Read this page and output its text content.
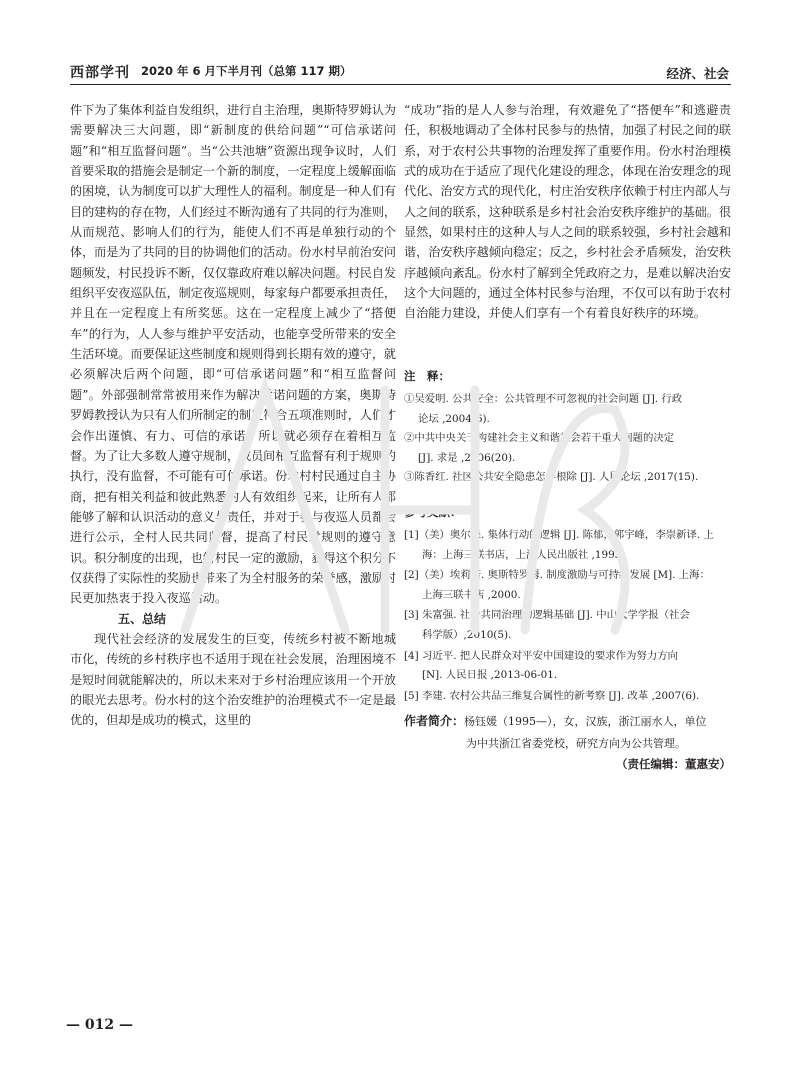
西部学刊 2020 年 6 月下半月刊（总第 117 期）	经济、社会

件下为了集体利益自发组织，进行自主治理，奥斯特罗姆认为需要解决三大问题，即“新制度的供给问题”“可信承诺问题”和“相互监督问题”。当“公共池塘”资源出现争议时，人们首要采取的措施会是制定一个新的制度，一定程度上缓解面临的困境，认为制度可以扩大理性人的福利。制度是一种人们有目的建构的存在物，人们经过不断沟通有了共同的行为准则，从而规范、影响人们的行为，能使人们不再是单独行动的个体，而是为了共同的目的协调他们的活动。份水村早前治安问题频发，村民投诉不断，仅仅靠政府难以解决问题。村民自发组织平安夜巡队伍，制定夜巡规则，每家每户都要承担责任，并且在一定程度上有所奖惩。这在一定程度上减少了“搭便车”的行为，人人参与维护平安活动，也能享受所带来的安全生活环境。而要保证这些制度和规则得到长期有效的遵守，就必须解决后两个问题，即“可信承诺问题”和“相互监督问题”。外部强制常常被用来作为解决承诺问题的方案，奥斯特罗姆教授认为只有人们所制定的制度符合五项准则时，人们才会作出谨慎、有力、可信的承诺，所以就必须存在着相互监督。为了让大多数人遵守规制，成员间相互监督有利于规则的执行，没有监督，不可能有可信承诺。份水村村民通过自主协商，把有相关利益和彼此熟悉的人有效组织起来，让所有人都能够了解和认识活动的意义与责任，并对于参与夜巡人员都会进行公示，全村人民共同监督，提高了村民对规则的遵守意识。积分制度的出现，也给村民一定的激励，获得这个积分不仅获得了实际性的奖励也带来了为全村服务的荣誉感，激励村民更加热衷于投入夜巡活动。

五、总结

现代社会经济的发展发生的巨变，传统乡村被不断地城市化，传统的乡村秩序也不适用于现在社会发展，治理困境不是短时间就能解决的，所以未来对于乡村治理应该用一个开放的眼光去思考。份水村的这个治安维护的治理模式不一定是最优的，但却是成功的模式，这里的

“成功”指的是人人参与治理，有效避免了“搭便车”和逃避责任，积极地调动了全体村民参与的热情，加强了村民之间的联系，对于农村公共事物的治理发挥了重要作用。份水村治理模式的成功在于适应了现代化建设的理念，体现在治安理念的现代化、治安方式的现代化，村庄治安秩序依赖于村庄内部人与人之间的联系，这种联系是乡村社会治安秩序维护的基础。很显然，如果村庄的这种人与人之间的联系较强，乡村社会越和谐，治安秩序越倾向稳定；反之，乡村社会矛盾频发，治安秩序越倾向紊乱。份水村了解到全凭政府之力，是难以解决治安这个大问题的，通过全体村民参与治理，不仅可以有助于农村自治能力建设，并使人们享有一个有着良好秩序的环境。

注　释：
①吴爱明. 公共安全：公共管理不可忽视的社会问题 [J]. 行政
论坛 ,2004(6).
②中共中央关于构建社会主义和谐社会若干重大问题的决定
[J]. 求是 ,2006(20).
③陈香红. 社区公共安全隐患怎样根除 [J]. 人民论坛 ,2017(15).
参考文献：
[1]（美）奥尔森. 集体行动的逻辑 [J]. 陈郁，郭宇峰，李崇新译. 上
海：上海三联书店，上海人民出版社 ,1995.
[2]（美）埃莉诺. 奥斯特罗姆. 制度激励与可持续发展 [M]. 上海：
上海三联书店 ,2000.
[3] 朱富强. 社会共同治理的逻辑基础 [J]. 中山大学学报（社会
科学版）,2010(5).
[4] 习近平. 把人民群众对平安中国建设的要求作为努力方向
[N]. 人民日报 ,2013-06-01.
[5] 李建. 农村公共品三维复合属性的新考察 [J]. 改革 ,2007(6).
作者简介：杨钰媛（1995—），女，汉族，浙江丽水人，单位
为中共浙江省委党校，研究方向为公共管理。
（责任编辑：董惠安）
— 012 —
